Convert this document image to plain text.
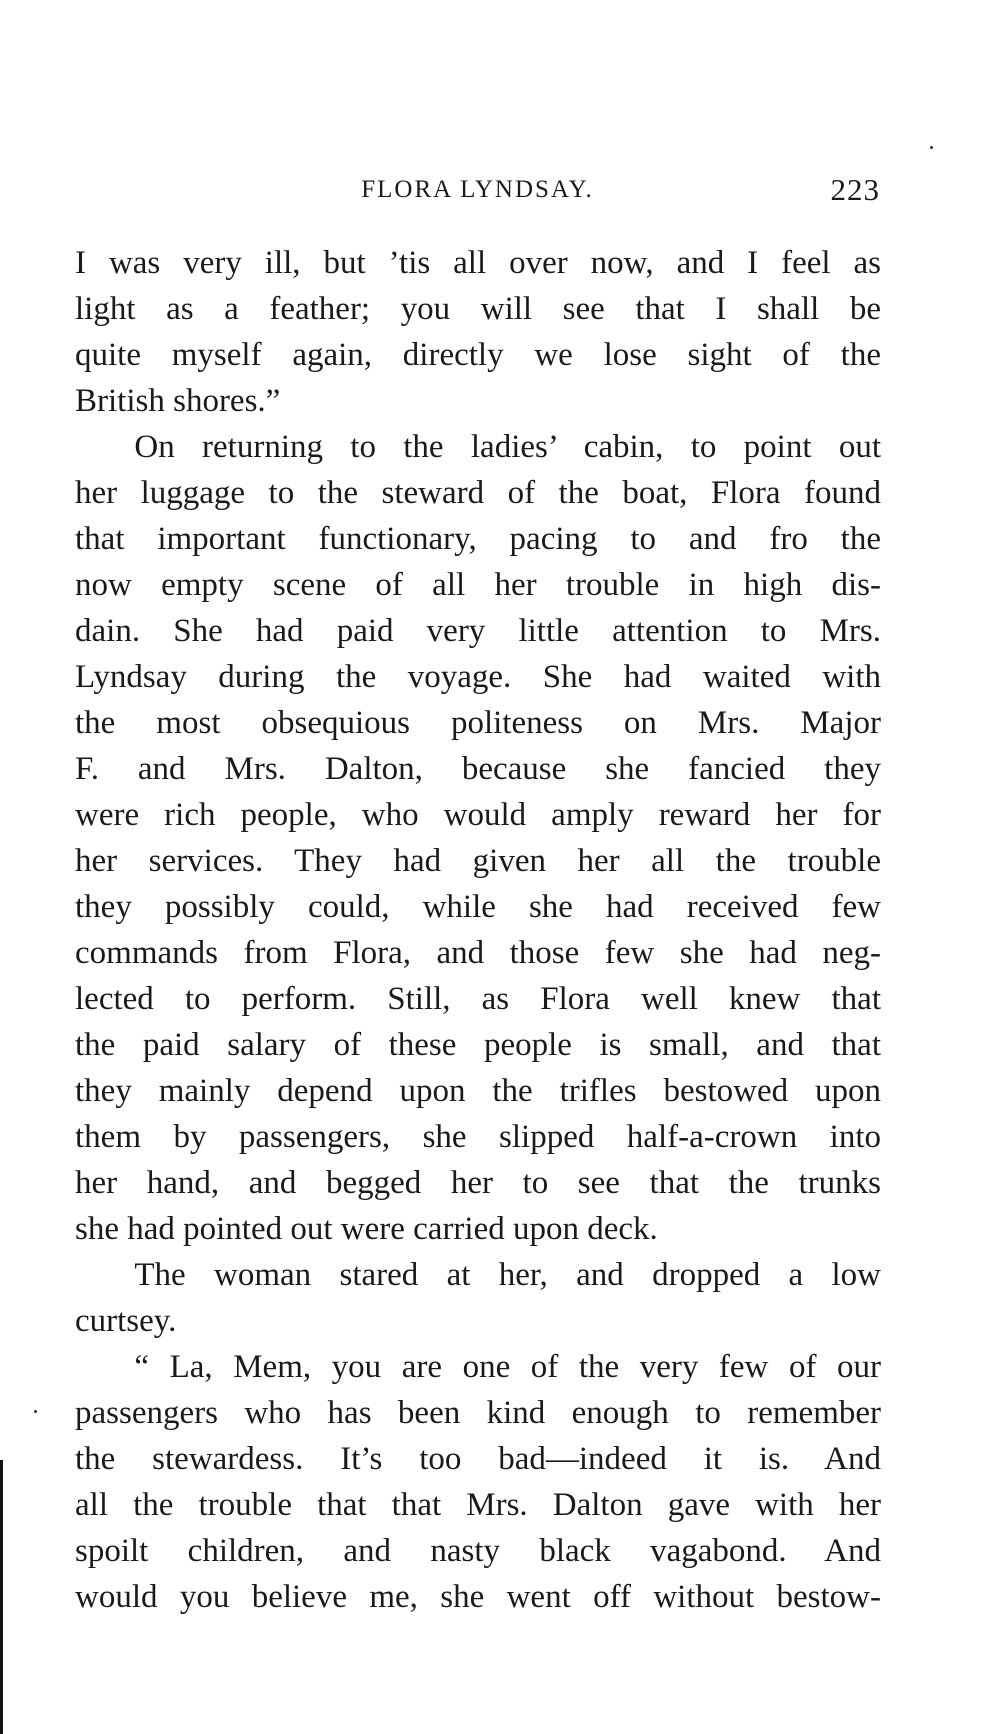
FLORA LYNDSAY.	223
I was very ill, but ’tis all over now, and I feel as
light as a feather; you will see that I shall be
quite myself again, directly we lose sight of the
British shores.”
On returning to the ladies’ cabin, to point out
her luggage to the steward of the boat, Flora found
that important functionary, pacing to and fro the
now empty scene of all her trouble in high dis-
dain. She had paid very little attention to Mrs.
Lyndsay during the voyage. She had waited with
the most obsequious politeness on Mrs. Major
F. and Mrs. Dalton, because she fancied they
were rich people, who would amply reward her for
her services. They had given her all the trouble
they possibly could, while she had received few
commands from Flora, and those few she had neg-
lected to perform. Still, as Flora well knew that
the paid salary of these people is small, and that
they mainly depend upon the trifles bestowed upon
them by passengers, she slipped half-a-crown into
her hand, and begged her to see that the trunks
she had pointed out were carried upon deck.
The woman stared at her, and dropped a low
curtsey.
“ La, Mem, you are one of the very few of our
passengers who has been kind enough to remember
the stewardess. It’s too bad—indeed it is. And
all the trouble that that Mrs. Dalton gave with her
spoilt children, and nasty black vagabond. And
would you believe me, she went off without bestow-
